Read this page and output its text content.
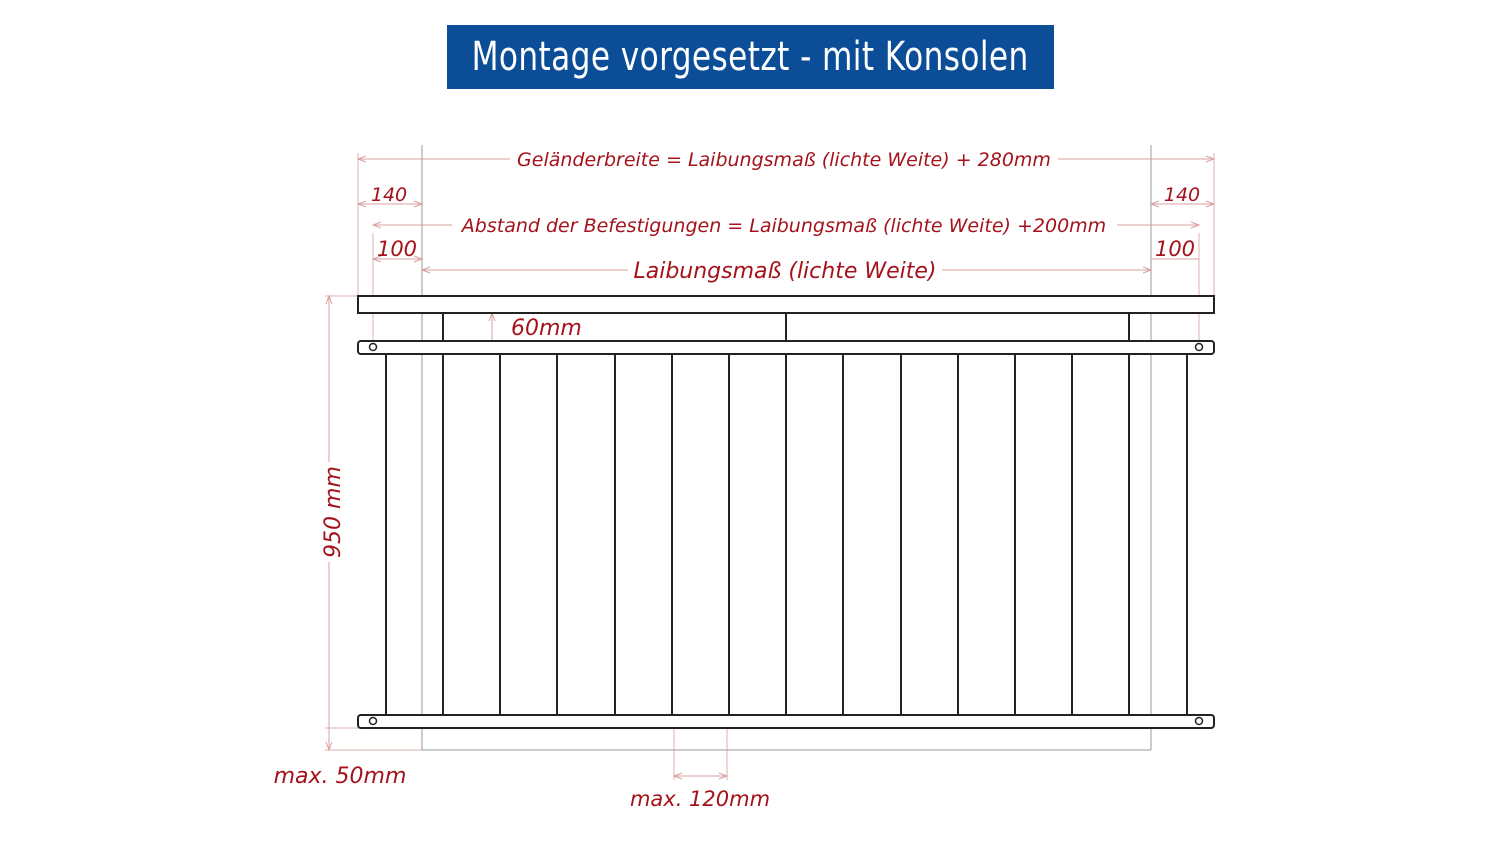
Montage vorgesetzt - mit Konsolen
Geländerbreite = Laibungsmaß (lichte Weite) + 280mm
140	140
Abstand der Befestigungen = Laibungsmaß (lichte Weite) +200mm
100	100
Laibungsmaß (lichte Weite)
60mm
950 mm
max. 50mm
max. 120mm
